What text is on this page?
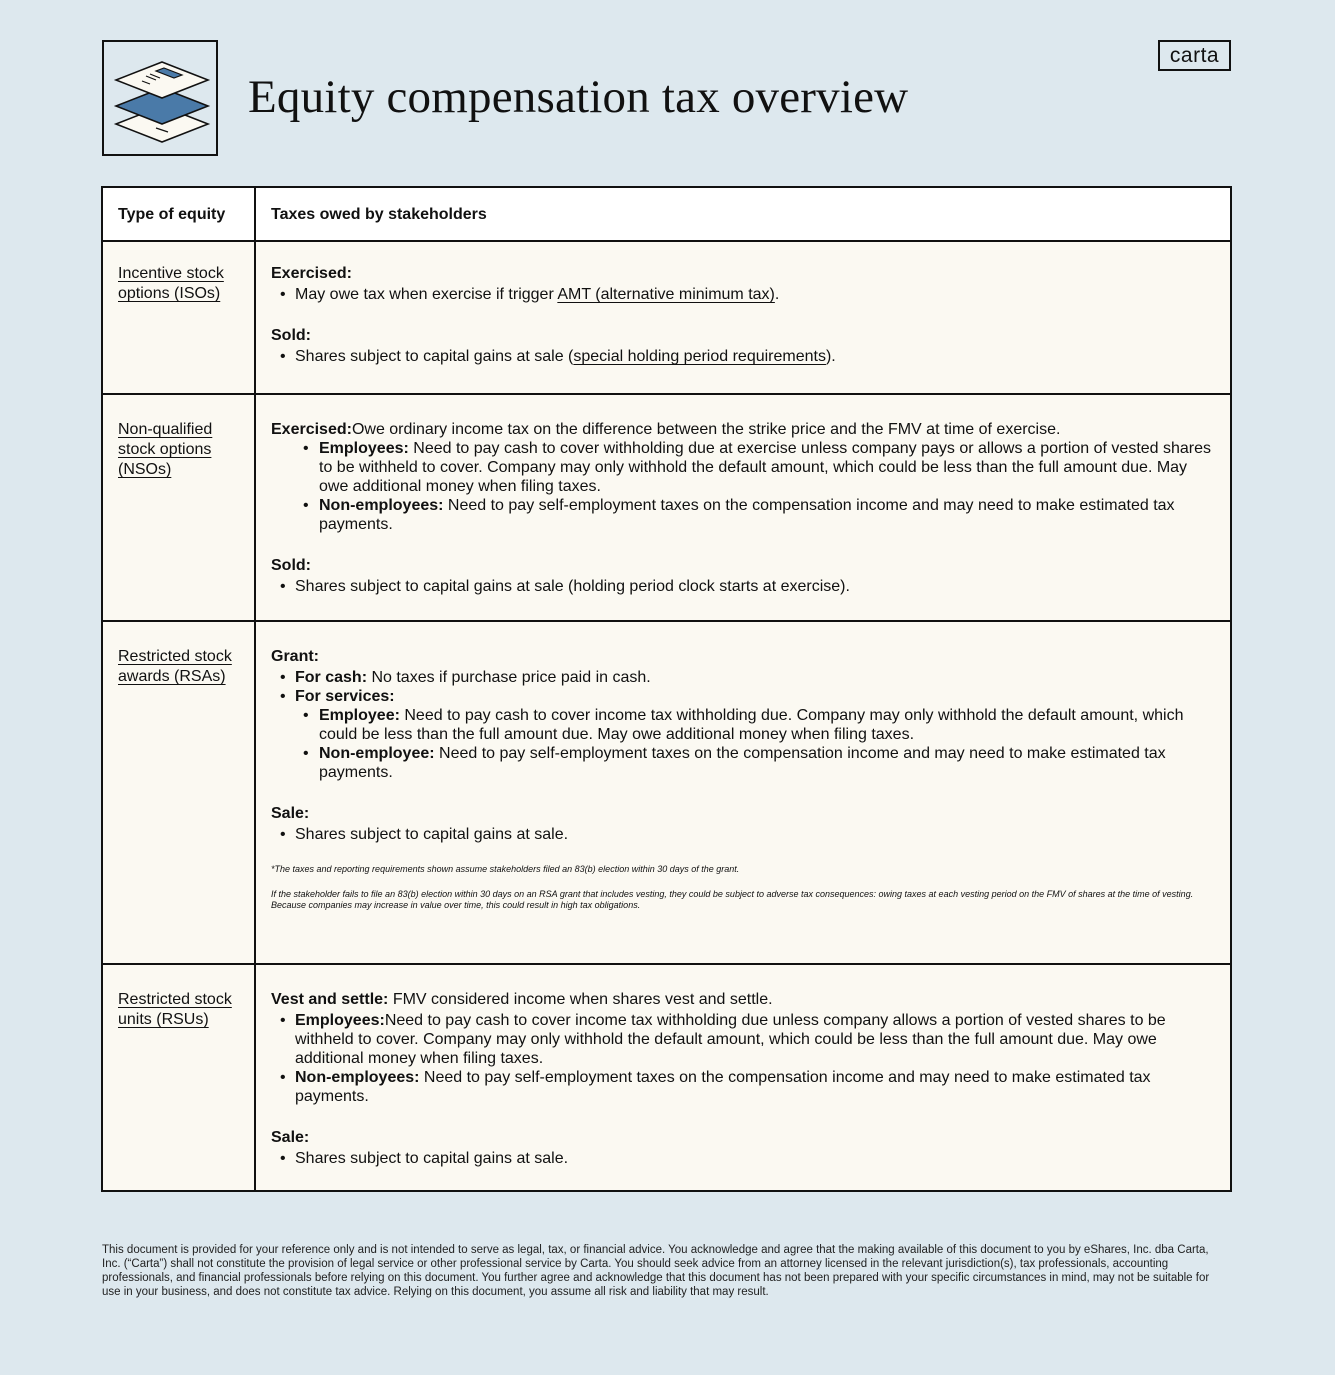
Equity compensation tax overview
carta
Type of equity	Taxes owed by stakeholders
Incentive stock options (ISOs)
Exercised:
• May owe tax when exercise if trigger AMT (alternative minimum tax).
Sold:
• Shares subject to capital gains at sale (special holding period requirements).
Non-qualified stock options (NSOs)
Exercised:Owe ordinary income tax on the difference between the strike price and the FMV at time of exercise.
• Employees: Need to pay cash to cover withholding due at exercise unless company pays or allows a portion of vested shares to be withheld to cover. Company may only withhold the default amount, which could be less than the full amount due. May owe additional money when filing taxes.
• Non-employees: Need to pay self-employment taxes on the compensation income and may need to make estimated tax payments.
Sold:
• Shares subject to capital gains at sale (holding period clock starts at exercise).
Restricted stock awards (RSAs)
Grant:
• For cash: No taxes if purchase price paid in cash.
• For services:
• Employee: Need to pay cash to cover income tax withholding due. Company may only withhold the default amount, which could be less than the full amount due. May owe additional money when filing taxes.
• Non-employee: Need to pay self-employment taxes on the compensation income and may need to make estimated tax payments.
Sale:
• Shares subject to capital gains at sale.
*The taxes and reporting requirements shown assume stakeholders filed an 83(b) election within 30 days of the grant.
If the stakeholder fails to file an 83(b) election within 30 days on an RSA grant that includes vesting, they could be subject to adverse tax consequences: owing taxes at each vesting period on the FMV of shares at the time of vesting. Because companies may increase in value over time, this could result in high tax obligations.
Restricted stock units (RSUs)
Vest and settle: FMV considered income when shares vest and settle.
• Employees:Need to pay cash to cover income tax withholding due unless company allows a portion of vested shares to be withheld to cover. Company may only withhold the default amount, which could be less than the full amount due. May owe additional money when filing taxes.
• Non-employees: Need to pay self-employment taxes on the compensation income and may need to make estimated tax payments.
Sale:
• Shares subject to capital gains at sale.

This document is provided for your reference only and is not intended to serve as legal, tax, or financial advice. You acknowledge and agree that the making available of this document to you by eShares, Inc. dba Carta, Inc. (“Carta”) shall not constitute the provision of legal service or other professional service by Carta. You should seek advice from an attorney licensed in the relevant jurisdiction(s), tax professionals, accounting professionals, and financial professionals before relying on this document. You further agree and acknowledge that this document has not been prepared with your specific circumstances in mind, may not be suitable for use in your business, and does not constitute tax advice. Relying on this document, you assume all risk and liability that may result.
